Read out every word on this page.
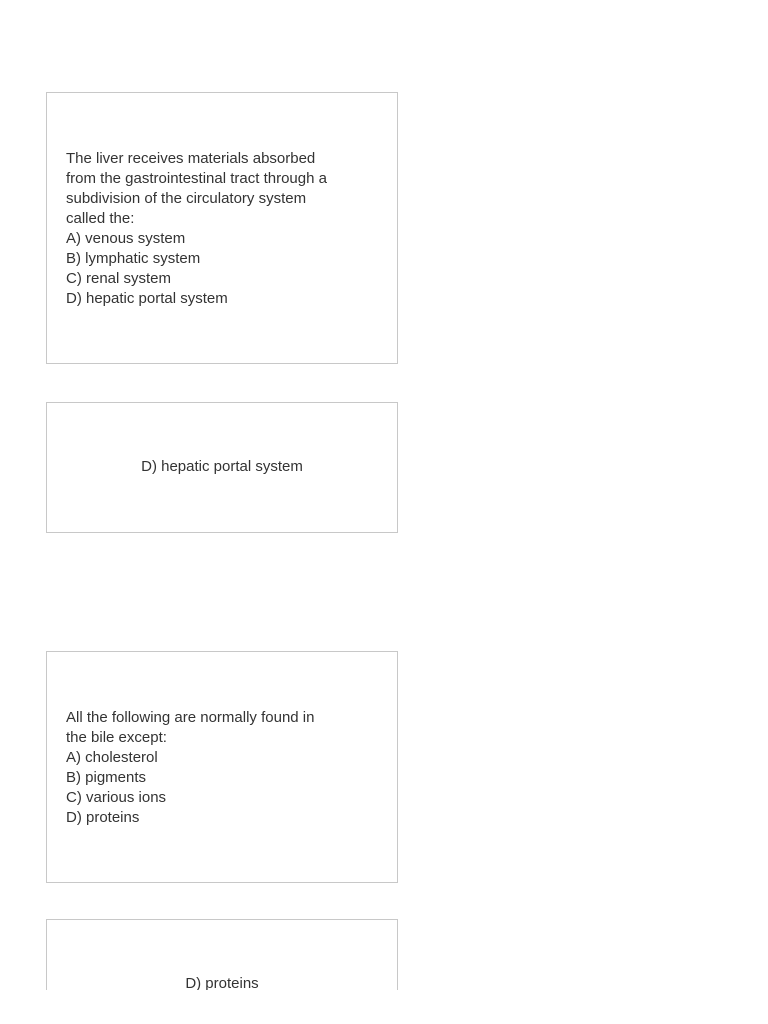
The liver receives materials absorbed
from the gastrointestinal tract through a
subdivision of the circulatory system
called the:
A) venous system
B) lymphatic system
C) renal system
D) hepatic portal system
D) hepatic portal system
All the following are normally found in
the bile except:
A) cholesterol
B) pigments
C) various ions
D) proteins
D) proteins
